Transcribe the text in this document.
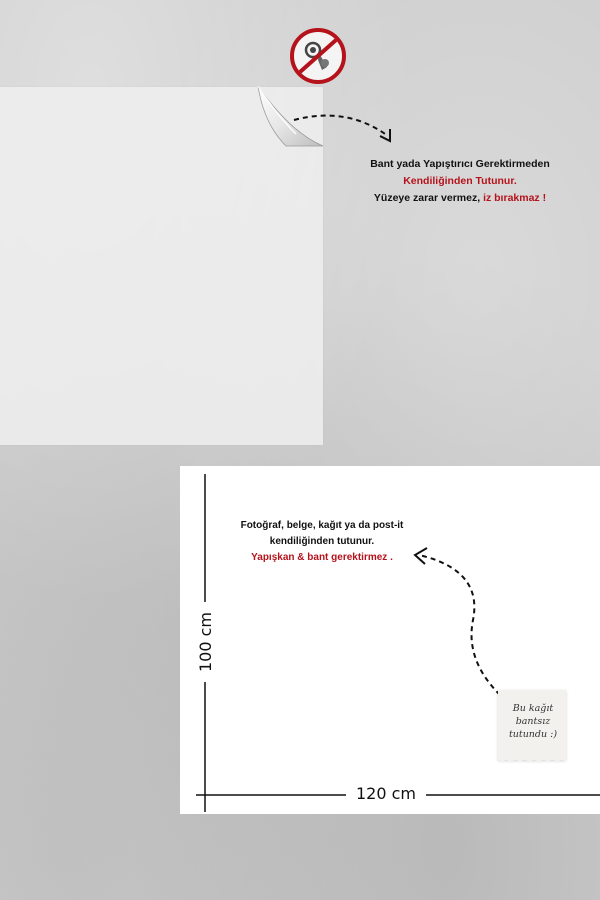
Bant yada Yapıştırıcı Gerektirmeden
Kendiliğinden Tutunur.
Yüzeye zarar vermez, iz bırakmaz !
Fotoğraf, belge, kağıt ya da post-it
kendiliğinden tutunur.
Yapışkan & bant gerektirmez .
Bu kağıt
bantsız
tutundu :)
120 cm
100 cm
